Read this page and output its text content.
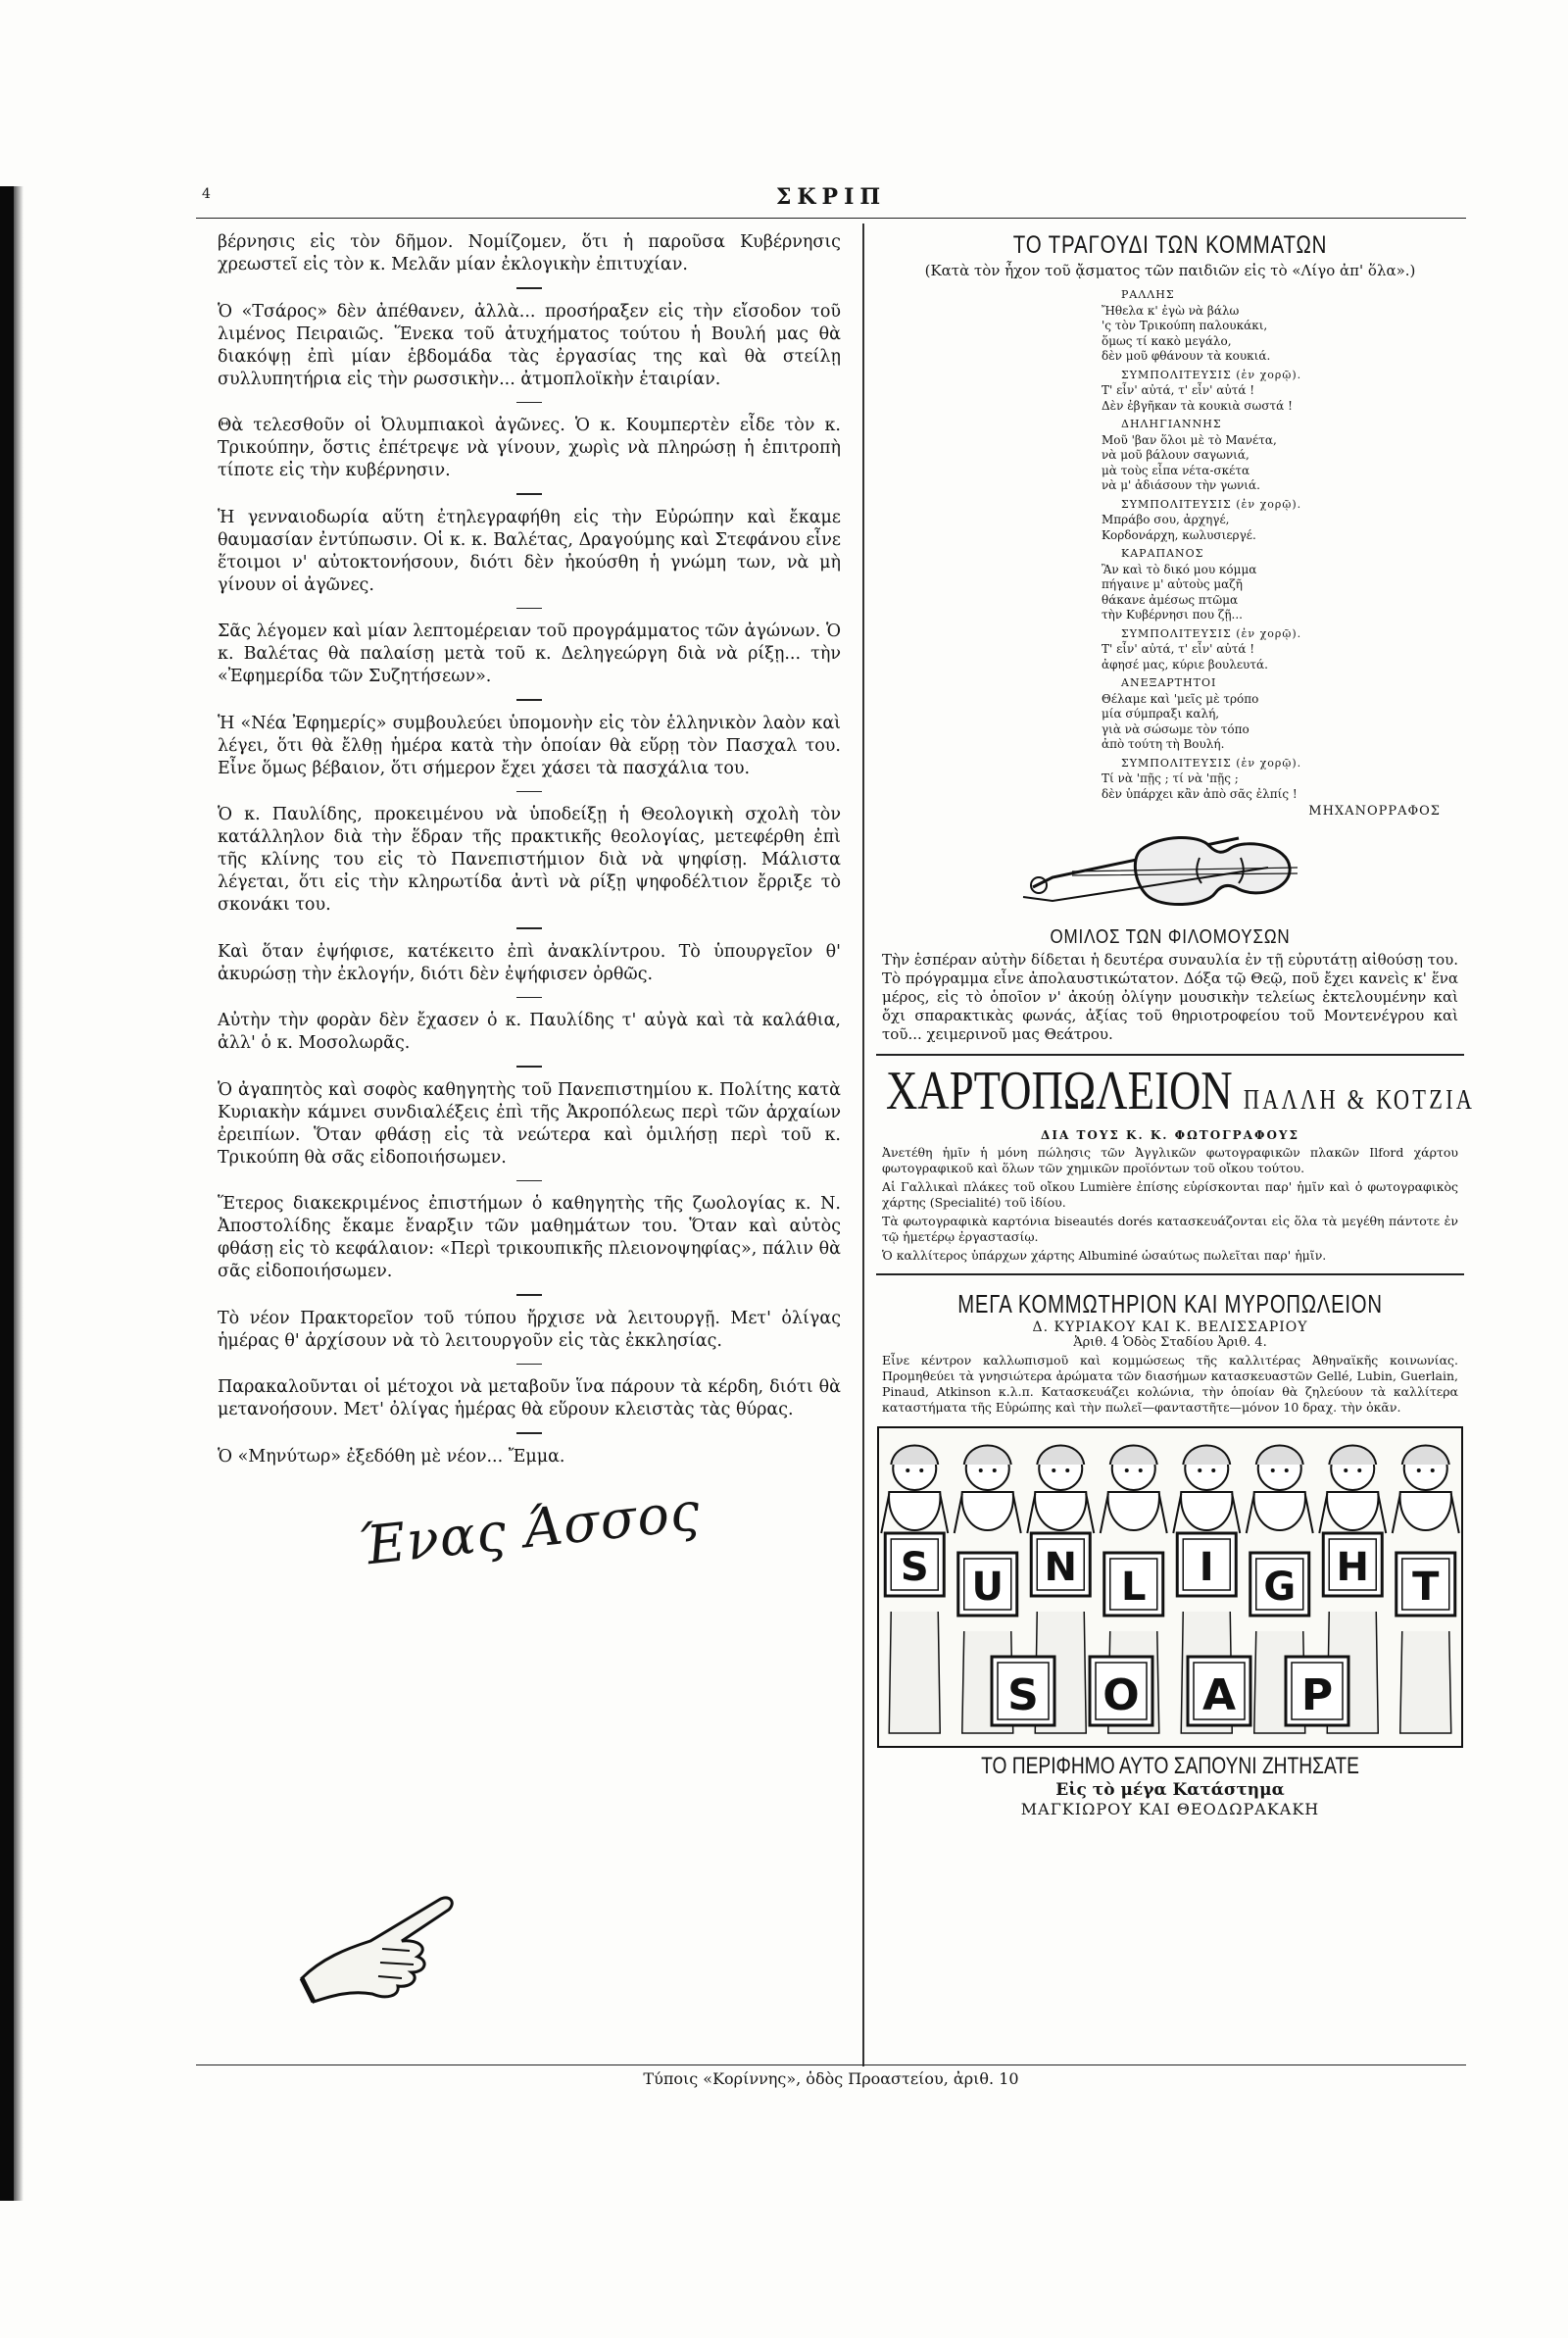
4	ΣΚΡΙΠ

βέρνησις εἰς τὸν δῆμον. Νομίζομεν, ὅτι ἡ παροῦσα Κυβέρνησις χρεωστεῖ εἰς τὸν κ. Μελᾶν μίαν ἐκλογικὴν ἐπιτυχίαν.

Ὁ «Τσάρος» δὲν ἀπέθανεν, ἀλλὰ... προσήραξεν εἰς τὴν εἴσοδον τοῦ λιμένος Πειραιῶς. Ἕνεκα τοῦ ἀτυχήματος τούτου ἡ Βουλή μας θὰ διακόψῃ ἐπὶ μίαν ἑβδομάδα τὰς ἐργασίας της καὶ θὰ στείλῃ συλλυπητήρια εἰς τὴν ρωσσικὴν... ἀτμοπλοϊκὴν ἑταιρίαν.

Θὰ τελεσθοῦν οἱ Ὀλυμπιακοὶ ἀγῶνες. Ὁ κ. Κουμπερτὲν εἶδε τὸν κ. Τρικούπην, ὅστις ἐπέτρεψε νὰ γίνουν, χωρὶς νὰ πληρώσῃ ἡ ἐπιτροπὴ τίποτε εἰς τὴν κυβέρνησιν.

Ἡ γενναιοδωρία αὕτη ἐτηλεγραφήθη εἰς τὴν Εὐρώπην καὶ ἔκαμε θαυμασίαν ἐντύπωσιν. Οἱ κ. κ. Βαλέτας, Δραγούμης καὶ Στεφάνου εἶνε ἕτοιμοι ν' αὐτοκτονήσουν, διότι δὲν ἠκούσθη ἡ γνώμη των, νὰ μὴ γίνουν οἱ ἀγῶνες.

Σᾶς λέγομεν καὶ μίαν λεπτομέρειαν τοῦ προγράμματος τῶν ἀγώνων. Ὁ κ. Βαλέτας θὰ παλαίσῃ μετὰ τοῦ κ. Δεληγεώργη διὰ νὰ ρίξῃ... τὴν «Ἐφημερίδα τῶν Συζητήσεων».

Ἡ «Νέα Ἐφημερίς» συμβουλεύει ὑπομονὴν εἰς τὸν ἑλληνικὸν λαὸν καὶ λέγει, ὅτι θὰ ἔλθῃ ἡμέρα κατὰ τὴν ὁποίαν θὰ εὕρῃ τὸν Πασχαλ του. Εἶνε ὅμως βέβαιον, ὅτι σήμερον ἔχει χάσει τὰ πασχάλια του.

Ὁ κ. Παυλίδης, προκειμένου νὰ ὑποδείξῃ ἡ Θεολογικὴ σχολὴ τὸν κατάλληλον διὰ τὴν ἕδραν τῆς πρακτικῆς θεολογίας, μετεφέρθη ἐπὶ τῆς κλίνης του εἰς τὸ Πανεπιστήμιον διὰ νὰ ψηφίσῃ. Μάλιστα λέγεται, ὅτι εἰς τὴν κληρωτίδα ἀντὶ νὰ ρίξῃ ψηφοδέλτιον ἔρριξε τὸ σκονάκι του.

Καὶ ὅταν ἐψήφισε, κατέκειτο ἐπὶ ἀνακλίντρου. Τὸ ὑπουργεῖον θ' ἀκυρώσῃ τὴν ἐκλογήν, διότι δὲν ἐψήφισεν ὀρθῶς.

Αὐτὴν τὴν φορὰν δὲν ἔχασεν ὁ κ. Παυλίδης τ' αὐγὰ καὶ τὰ καλάθια, ἀλλ' ὁ κ. Μοσολωρᾶς.

Ὁ ἀγαπητὸς καὶ σοφὸς καθηγητὴς τοῦ Πανεπιστημίου κ. Πολίτης κατὰ Κυριακὴν κάμνει συνδιαλέξεις ἐπὶ τῆς Ἀκροπόλεως περὶ τῶν ἀρχαίων ἐρειπίων. Ὅταν φθάσῃ εἰς τὰ νεώτερα καὶ ὁμιλήσῃ περὶ τοῦ κ. Τρικούπη θὰ σᾶς εἰδοποιήσωμεν.

Ἕτερος διακεκριμένος ἐπιστήμων ὁ καθηγητὴς τῆς ζωολογίας κ. Ν. Ἀποστολίδης ἔκαμε ἔναρξιν τῶν μαθημάτων του. Ὅταν καὶ αὐτὸς φθάσῃ εἰς τὸ κεφάλαιον: «Περὶ τρικουπικῆς πλειονοψηφίας», πάλιν θὰ σᾶς εἰδοποιήσωμεν.

Τὸ νέον Πρακτορεῖον τοῦ τύπου ἤρχισε νὰ λειτουργῇ. Μετ' ὀλίγας ἡμέρας θ' ἀρχίσουν νὰ τὸ λειτουργοῦν εἰς τὰς ἐκκλησίας.

Παρακαλοῦνται οἱ μέτοχοι νὰ μεταβοῦν ἵνα πάρουν τὰ κέρδη, διότι θὰ μετανοήσουν. Μετ' ὀλίγας ἡμέρας θὰ εὕρουν κλειστὰς τὰς θύρας.

Ὁ «Μηνύτωρ» ἐξεδόθη μὲ νέον... Ἔμμα.

Ένας Άσσος
ΤΟ ΤΡΑΓΟΥΔΙ ΤΩΝ ΚΟΜΜΑΤΩΝ
(Κατὰ τὸν ἦχον τοῦ ᾄσματος τῶν παιδιῶν εἰς τὸ «Λίγο ἀπ' ὅλα».)
ΡΑΛΛΗΣ
Ἤθελα κ' ἐγὼ νὰ βάλω
'ς τὸν Τρικούπη παλουκάκι,
ὅμως τί κακὸ μεγάλο,
δὲν μοῦ φθάνουν τὰ κουκιά.
ΣΥΜΠΟΛΙΤΕΥΣΙΣ (ἐν χορῷ).
Τ' εἶν' αὐτά, τ' εἶν' αὐτά !
Δὲν ἐβγῆκαν τὰ κουκιὰ σωστά !
ΔΗΛΗΓΙΑΝΝΗΣ
Μοῦ 'βαν ὅλοι μὲ τὸ Μανέτα,
νὰ μοῦ βάλουν σαγωνιά,
μὰ τοὺς εἶπα νέτα-σκέτα
νὰ μ' ἀδιάσουν τὴν γωνιά.
ΣΥΜΠΟΛΙΤΕΥΣΙΣ (ἐν χορῷ).
Μπράβο σου, ἀρχηγέ,
Κορδονάρχη, κωλυσιεργέ.
ΚΑΡΑΠΑΝΟΣ
Ἂν καὶ τὸ δικό μου κόμμα
πήγαινε μ' αὐτοὺς μαζῆ
θάκανε ἀμέσως πτῶμα
τὴν Κυβέρνησι που ζῇ...
ΣΥΜΠΟΛΙΤΕΥΣΙΣ (ἐν χορῷ).
Τ' εἶν' αὐτά, τ' εἶν' αὐτά !
ἀφησέ μας, κύριε βουλευτά.
ΑΝΕΞΑΡΤΗΤΟΙ
Θέλαμε καὶ 'μεῖς μὲ τρόπο
μία σύμπραξι καλή,
γιὰ νὰ σώσωμε τὸν τόπο
ἀπὸ τούτη τὴ Βουλή.
ΣΥΜΠΟΛΙΤΕΥΣΙΣ (ἐν χορῷ).
Τί νὰ 'πῇς ; τί νὰ 'πῇς ;
δὲν ὑπάρχει κἂν ἀπὸ σᾶς ἐλπίς !
ΜΗΧΑΝΟΡΡΑΦΟΣ
ΟΜΙΛΟΣ ΤΩΝ ΦΙΛΟΜΟΥΣΩΝ
Τὴν ἑσπέραν αὐτὴν δίδεται ἡ δευτέρα συναυλία ἐν τῇ εὐρυτάτῃ αἰθούσῃ του. Τὸ πρόγραμμα εἶνε ἀπολαυστικώτατον. Δόξα τῷ Θεῷ, ποῦ ἔχει κανεὶς κ' ἕνα μέρος, εἰς τὸ ὁποῖον ν' ἀκούῃ ὀλίγην μουσικὴν τελείως ἐκτελουμένην καὶ ὄχι σπαρακτικὰς φωνάς, ἀξίας τοῦ θηριοτροφείου τοῦ Μοντενέγρου καὶ τοῦ... χειμερινοῦ μας Θεάτρου.
ΧΑΡΤΟΠΩΛΕΙΟΝ ΠΑΛΛΗ & ΚΟΤΖΙΑ
ΔΙΑ ΤΟΥΣ Κ. Κ. ΦΩΤΟΓΡΑΦΟΥΣ
Ἀνετέθη ἡμῖν ἡ μόνη πώλησις τῶν Ἀγγλικῶν φωτογραφικῶν πλακῶν Ilford χάρτου φωτογραφικοῦ καὶ ὅλων τῶν χημικῶν προϊόντων τοῦ οἴκου τούτου.
Αἱ Γαλλικαὶ πλάκες τοῦ οἴκου Lumière ἐπίσης εὑρίσκονται παρ' ἡμῖν καὶ ὁ φωτογραφικὸς χάρτης (Specialité) τοῦ ἰδίου.
Τὰ φωτογραφικὰ καρτόνια biseautés dorés κατασκευάζονται εἰς ὅλα τὰ μεγέθη πάντοτε ἐν τῷ ἡμετέρῳ ἐργαστασίῳ.
Ὁ καλλίτερος ὑπάρχων χάρτης Albuminé ὡσαύτως πωλεῖται παρ' ἡμῖν.
ΜΕΓΑ ΚΟΜΜΩΤΗΡΙΟΝ ΚΑΙ ΜΥΡΟΠΩΛΕΙΟΝ
Δ. ΚΥΡΙΑΚΟΥ ΚΑΙ Κ. ΒΕΛΙΣΣΑΡΙΟΥ
Ἀριθ. 4 Ὁδὸς Σταδίου Ἀριθ. 4.
Εἶνε κέντρον καλλωπισμοῦ καὶ κομμώσεως τῆς καλλιτέρας Ἀθηναϊκῆς κοινωνίας. Προμηθεύει τὰ γνησιώτερα ἀρώματα τῶν διασήμων κατασκευαστῶν Gellé, Lubin, Guerlain, Pinaud, Atkinson κ.λ.π. Κατασκευάζει κολώνια, τὴν ὁποίαν θὰ ζηλεύουν τὰ καλλίτερα καταστήματα τῆς Εὐρώπης καὶ τὴν πωλεῖ—φανταστῆτε—μόνον 10 δραχ. τὴν ὀκᾶν.
S U N L I G H T
S O A P
ΤΟ ΠΕΡΙΦΗΜΟ ΑΥΤΟ ΣΑΠΟΥΝΙ ΖΗΤΗΣΑΤΕ
Εἰς τὸ μέγα Κατάστημα
ΜΑΓΚΙΩΡΟΥ ΚΑΙ ΘΕΟΔΩΡΑΚΑΚΗ
Τύποις «Κορίννης», ὁδὸς Προαστείου, ἀριθ. 10
